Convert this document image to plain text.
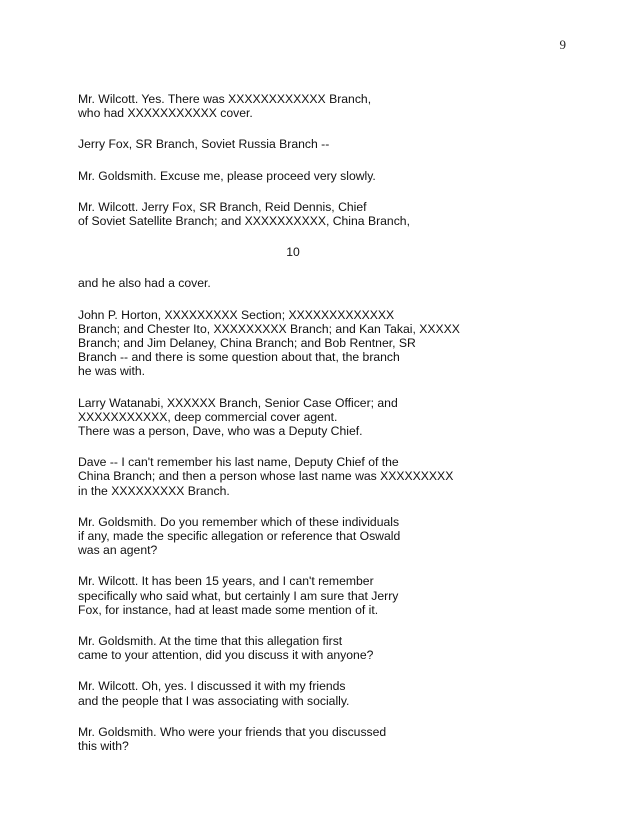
9

Mr. Wilcott. Yes. There was XXXXXXXXXXXX Branch,
who had XXXXXXXXXXX cover.

Jerry Fox, SR Branch, Soviet Russia Branch --

Mr. Goldsmith. Excuse me, please proceed very slowly.

Mr. Wilcott. Jerry Fox, SR Branch, Reid Dennis, Chief
of Soviet Satellite Branch; and XXXXXXXXXX, China Branch,

10

and he also had a cover.

John P. Horton, XXXXXXXXX Section; XXXXXXXXXXXXX
Branch; and Chester Ito, XXXXXXXXX Branch; and Kan Takai, XXXXX
Branch; and Jim Delaney, China Branch; and Bob Rentner, SR
Branch -- and there is some question about that, the branch
he was with.

Larry Watanabi, XXXXXX Branch, Senior Case Officer; and
XXXXXXXXXXX, deep commercial cover agent.
There was a person, Dave, who was a Deputy Chief.

Dave -- I can't remember his last name, Deputy Chief of the
China Branch; and then a person whose last name was XXXXXXXXX
in the XXXXXXXXX Branch.

Mr. Goldsmith. Do you remember which of these individuals
if any, made the specific allegation or reference that Oswald
was an agent?

Mr. Wilcott. It has been 15 years, and I can't remember
specifically who said what, but certainly I am sure that Jerry
Fox, for instance, had at least made some mention of it.

Mr. Goldsmith. At the time that this allegation first
came to your attention, did you discuss it with anyone?

Mr. Wilcott. Oh, yes. I discussed it with my friends
and the people that I was associating with socially.

Mr. Goldsmith. Who were your friends that you discussed
this with?
